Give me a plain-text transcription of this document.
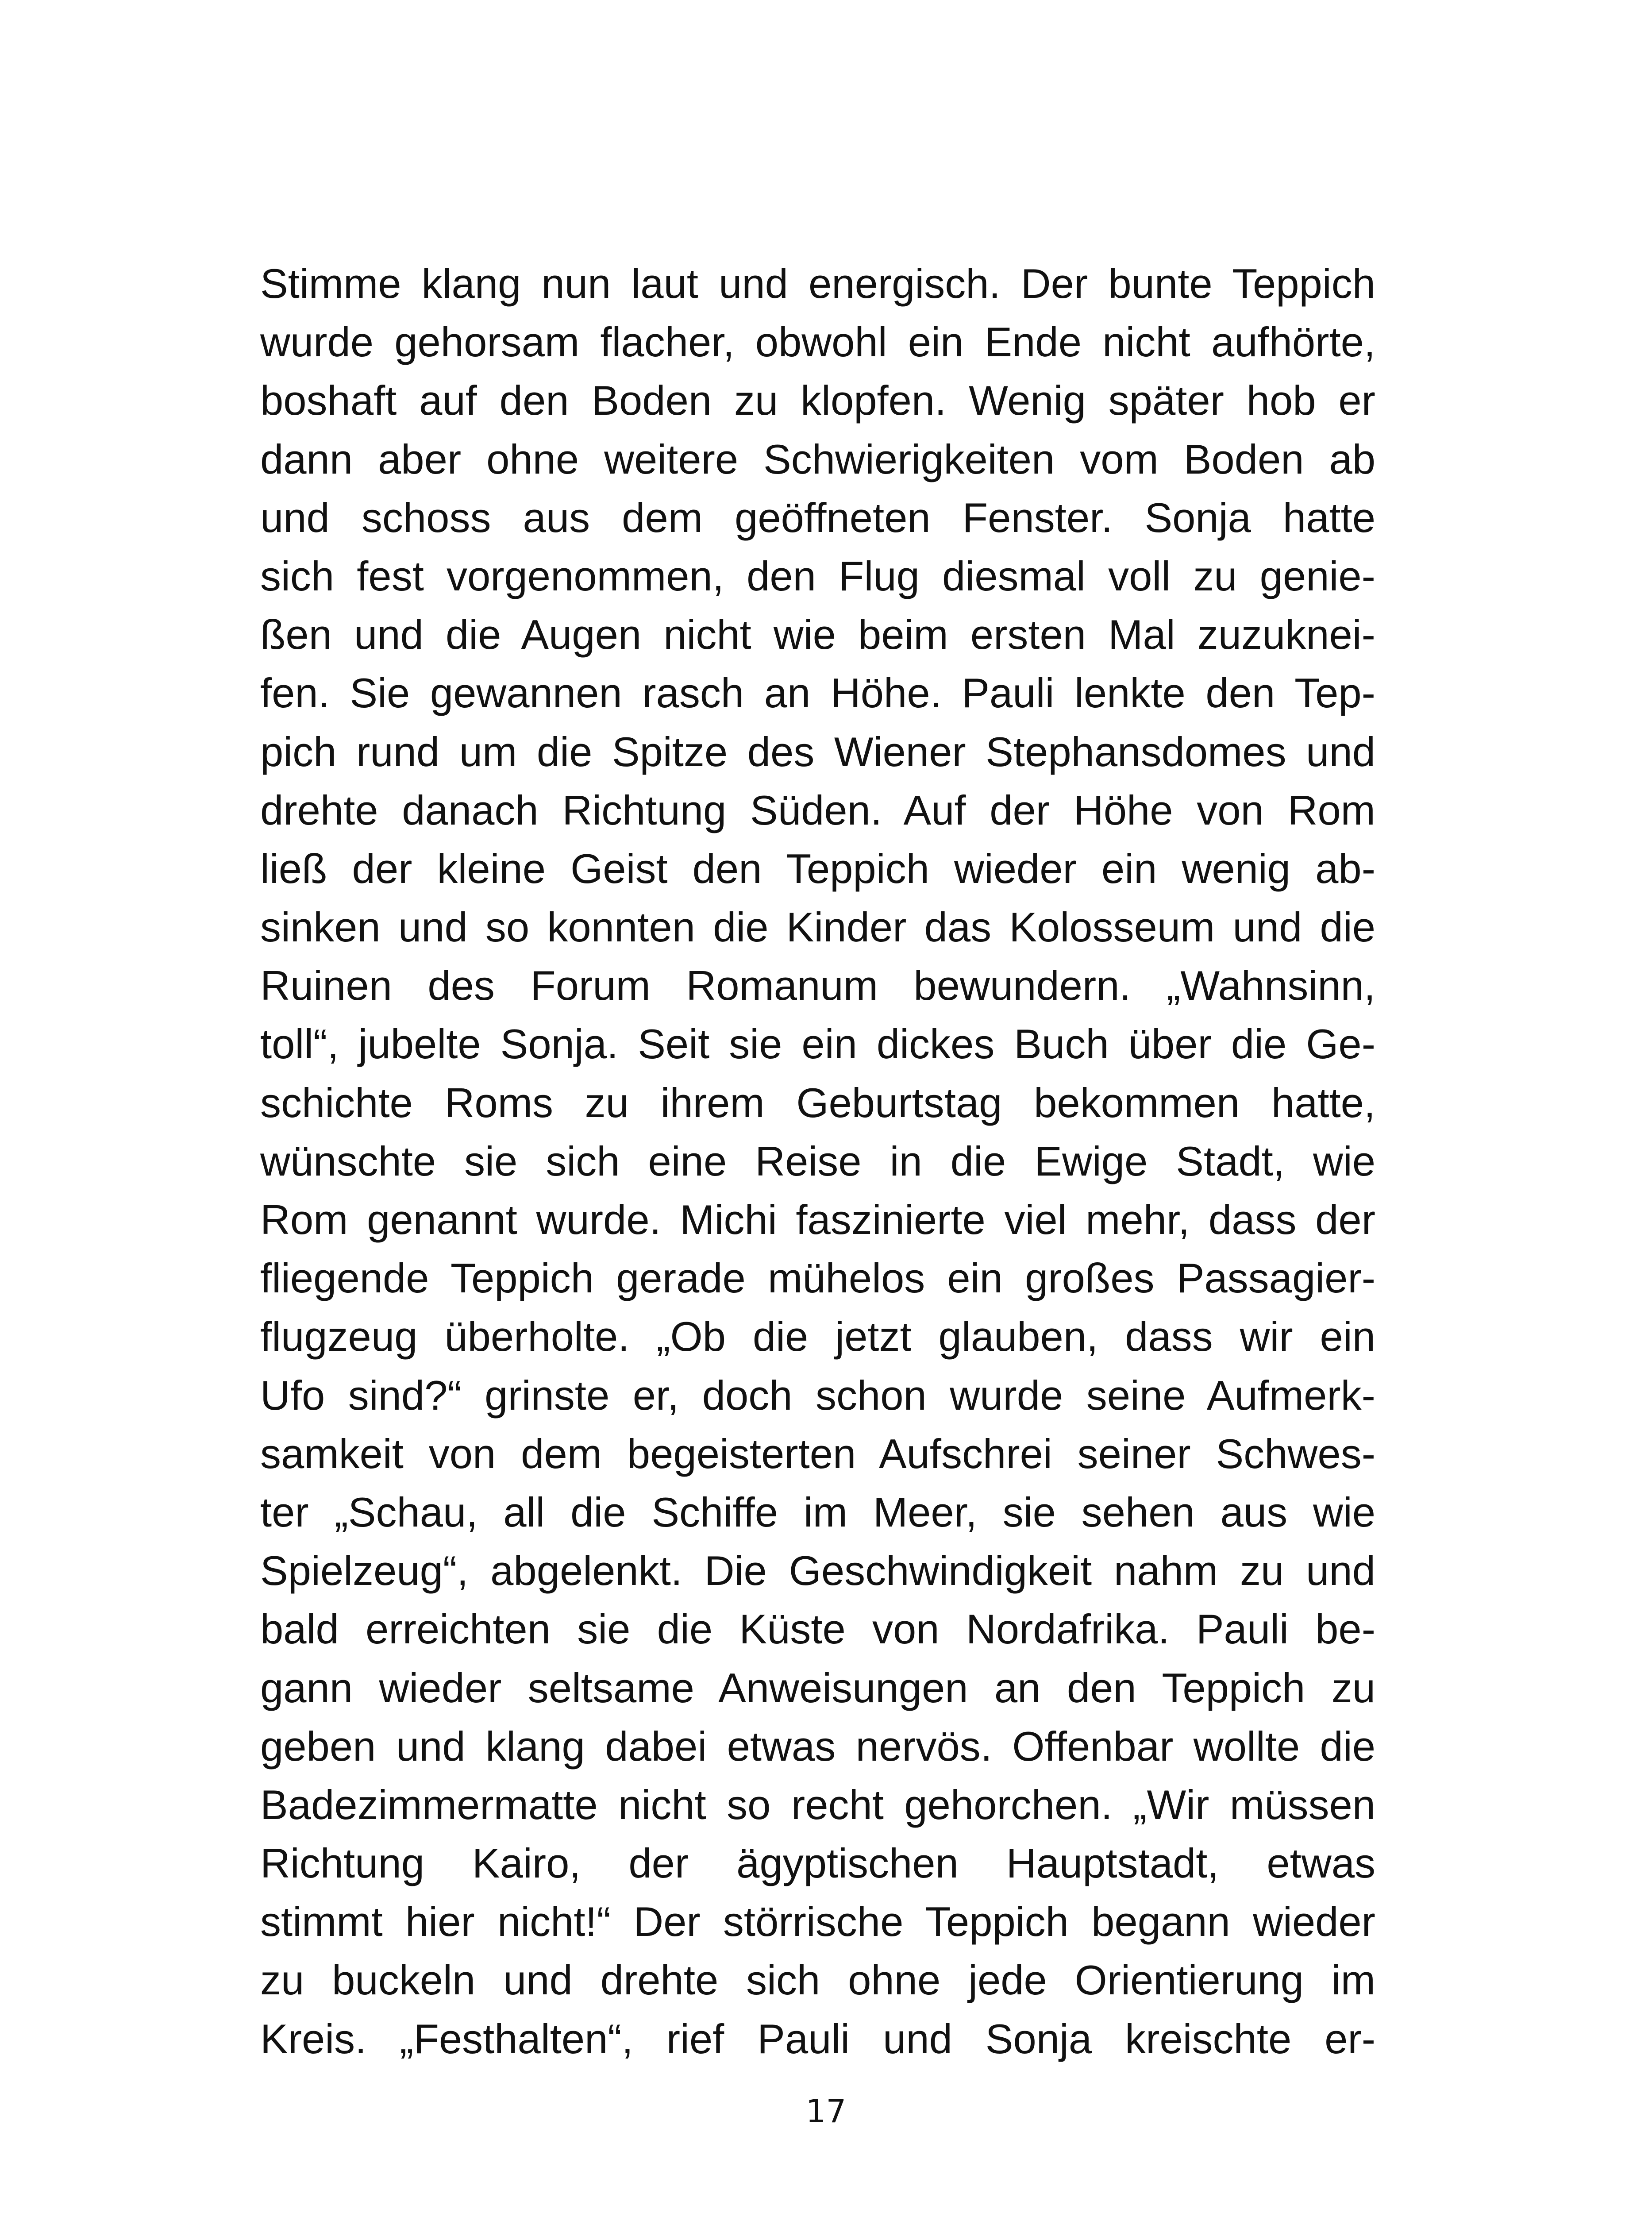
Stimme klang nun laut und energisch. Der bunte Teppich
wurde gehorsam flacher, obwohl ein Ende nicht aufhörte,
boshaft auf den Boden zu klopfen. Wenig später hob er
dann aber ohne weitere Schwierigkeiten vom Boden ab
und schoss aus dem geöffneten Fenster. Sonja hatte
sich fest vorgenommen, den Flug diesmal voll zu genie-
ßen und die Augen nicht wie beim ersten Mal zuzukneі-
fen. Sie gewannen rasch an Höhe. Pauli lenkte den Tep-
pich rund um die Spitze des Wiener Stephansdomes und
drehte danach Richtung Süden. Auf der Höhe von Rom
ließ der kleine Geist den Teppich wieder ein wenig ab-
sinken und so konnten die Kinder das Kolosseum und die
Ruinen des Forum Romanum bewundern. „Wahnsinn,
toll“, jubelte Sonja. Seit sie ein dickes Buch über die Ge-
schichte Roms zu ihrem Geburtstag bekommen hatte,
wünschte sie sich eine Reise in die Ewige Stadt, wie
Rom genannt wurde. Michi faszinierte viel mehr, dass der
fliegende Teppich gerade mühelos ein großes Passagier-
flugzeug überholte. „Ob die jetzt glauben, dass wir ein
Ufo sind?“ grinste er, doch schon wurde seine Aufmerk-
samkeit von dem begeisterten Aufschrei seiner Schwes-
ter „Schau, all die Schiffe im Meer, sie sehen aus wie
Spielzeug“, abgelenkt. Die Geschwindigkeit nahm zu und
bald erreichten sie die Küste von Nordafrika. Pauli be-
gann wieder seltsame Anweisungen an den Teppich zu
geben und klang dabei etwas nervös. Offenbar wollte die
Badezimmermatte nicht so recht gehorchen. „Wir müssen
Richtung Kairo, der ägyptischen Hauptstadt, etwas
stimmt hier nicht!“ Der störrische Teppich begann wieder
zu buckeln und drehte sich ohne jede Orientierung im
Kreis. „Festhalten“, rief Pauli und Sonja kreischte er-
17
